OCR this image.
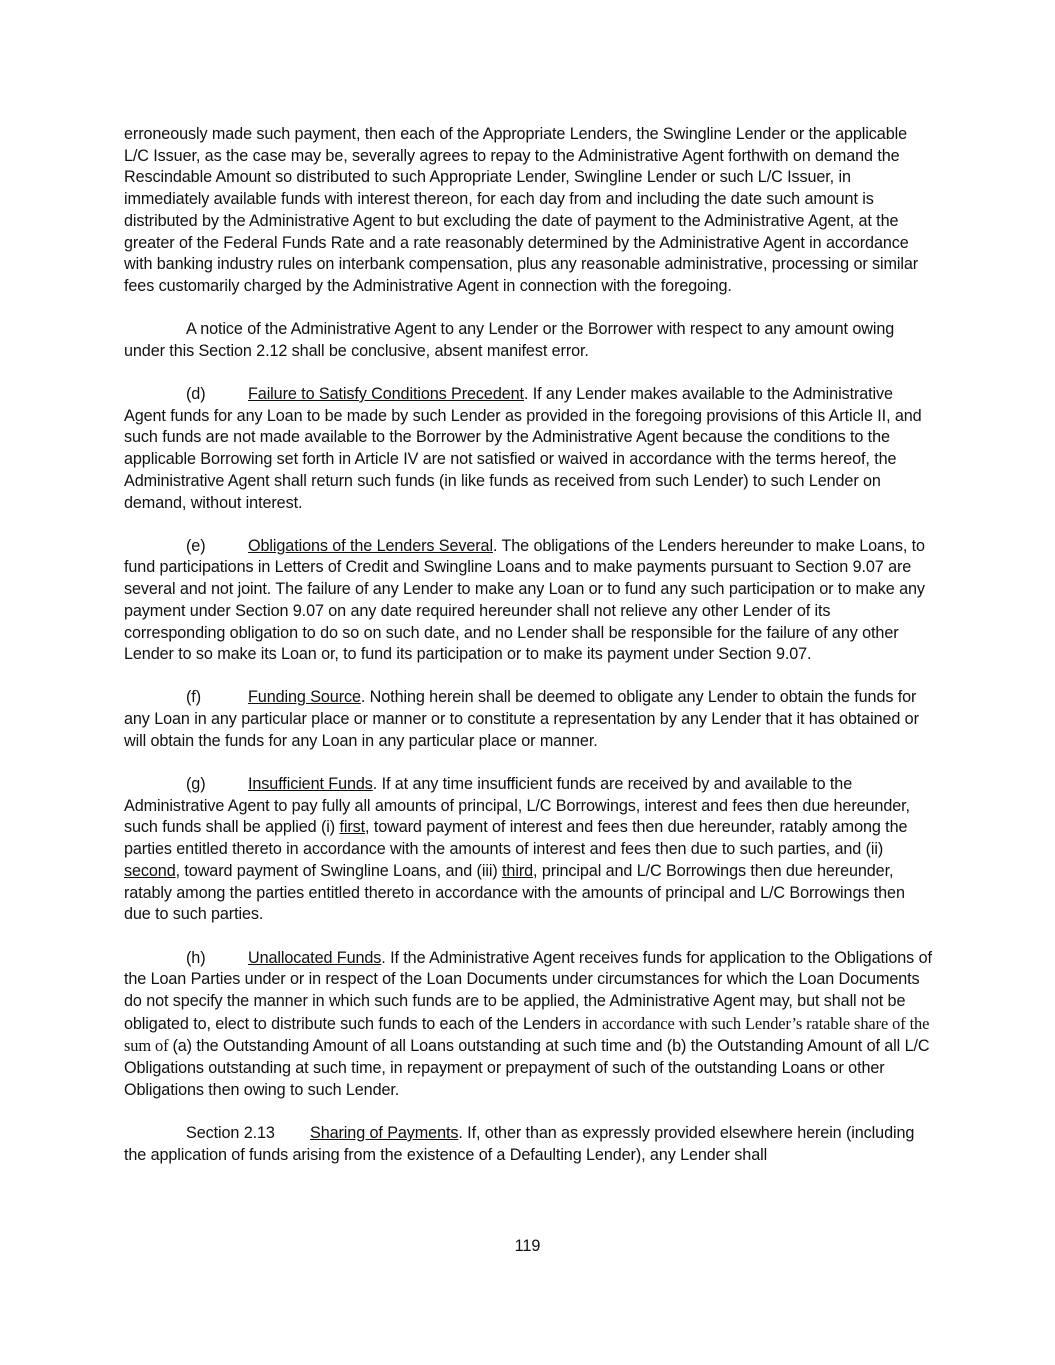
erroneously made such payment, then each of the Appropriate Lenders, the Swingline Lender or the applicable L/C Issuer, as the case may be, severally agrees to repay to the Administrative Agent forthwith on demand the Rescindable Amount so distributed to such Appropriate Lender, Swingline Lender or such L/C Issuer, in immediately available funds with interest thereon, for each day from and including the date such amount is distributed by the Administrative Agent to but excluding the date of payment to the Administrative Agent, at the greater of the Federal Funds Rate and a rate reasonably determined by the Administrative Agent in accordance with banking industry rules on interbank compensation, plus any reasonable administrative, processing or similar fees customarily charged by the Administrative Agent in connection with the foregoing.

A notice of the Administrative Agent to any Lender or the Borrower with respect to any amount owing under this Section 2.12 shall be conclusive, absent manifest error.

(d)	Failure to Satisfy Conditions Precedent. If any Lender makes available to the Administrative Agent funds for any Loan to be made by such Lender as provided in the foregoing provisions of this Article II, and such funds are not made available to the Borrower by the Administrative Agent because the conditions to the applicable Borrowing set forth in Article IV are not satisfied or waived in accordance with the terms hereof, the Administrative Agent shall return such funds (in like funds as received from such Lender) to such Lender on demand, without interest.

(e)	Obligations of the Lenders Several. The obligations of the Lenders hereunder to make Loans, to fund participations in Letters of Credit and Swingline Loans and to make payments pursuant to Section 9.07 are several and not joint. The failure of any Lender to make any Loan or to fund any such participation or to make any payment under Section 9.07 on any date required hereunder shall not relieve any other Lender of its corresponding obligation to do so on such date, and no Lender shall be responsible for the failure of any other Lender to so make its Loan or, to fund its participation or to make its payment under Section 9.07.

(f)	Funding Source. Nothing herein shall be deemed to obligate any Lender to obtain the funds for any Loan in any particular place or manner or to constitute a representation by any Lender that it has obtained or will obtain the funds for any Loan in any particular place or manner.

(g)	Insufficient Funds. If at any time insufficient funds are received by and available to the Administrative Agent to pay fully all amounts of principal, L/C Borrowings, interest and fees then due hereunder, such funds shall be applied (i) first, toward payment of interest and fees then due hereunder, ratably among the parties entitled thereto in accordance with the amounts of interest and fees then due to such parties, and (ii) second, toward payment of Swingline Loans, and (iii) third, principal and L/C Borrowings then due hereunder, ratably among the parties entitled thereto in accordance with the amounts of principal and L/C Borrowings then due to such parties.

(h)	Unallocated Funds. If the Administrative Agent receives funds for application to the Obligations of the Loan Parties under or in respect of the Loan Documents under circumstances for which the Loan Documents do not specify the manner in which such funds are to be applied, the Administrative Agent may, but shall not be obligated to, elect to distribute such funds to each of the Lenders in accordance with such Lender’s ratable share of the sum of (a) the Outstanding Amount of all Loans outstanding at such time and (b) the Outstanding Amount of all L/C Obligations outstanding at such time, in repayment or prepayment of such of the outstanding Loans or other Obligations then owing to such Lender.

Section 2.13 Sharing of Payments. If, other than as expressly provided elsewhere herein (including the application of funds arising from the existence of a Defaulting Lender), any Lender shall

119
